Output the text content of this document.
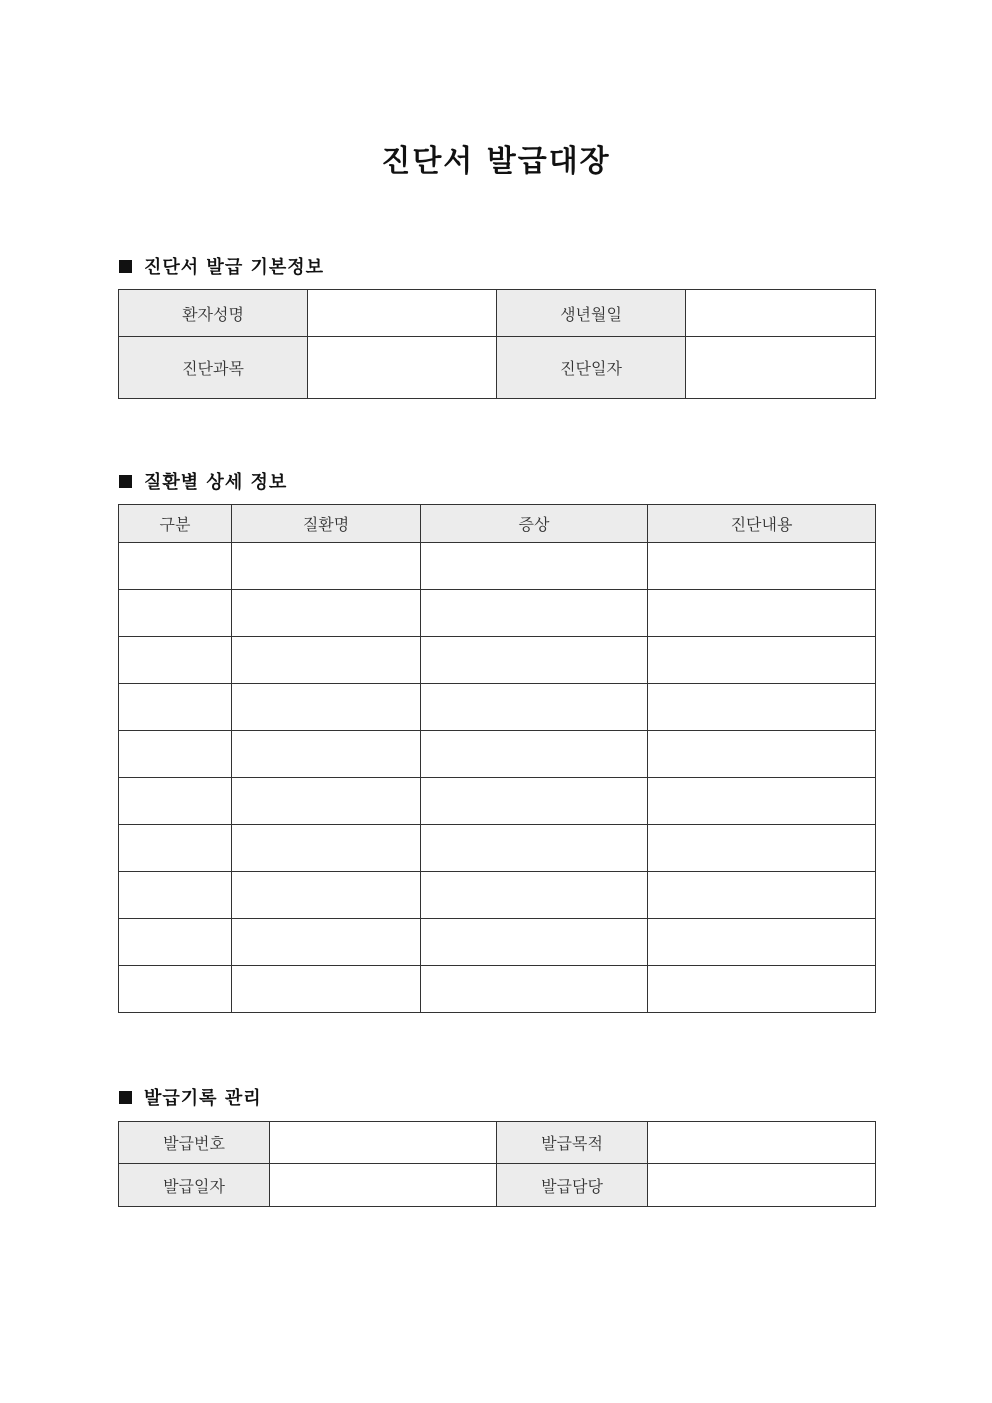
진단서 발급대장
진단서 발급 기본정보
환자성명		생년월일	
진단과목		진단일자	
질환별 상세 정보
구분	질환명	증상	진단내용

발급기록 관리
발급번호		발급목적	
발급일자		발급담당	
